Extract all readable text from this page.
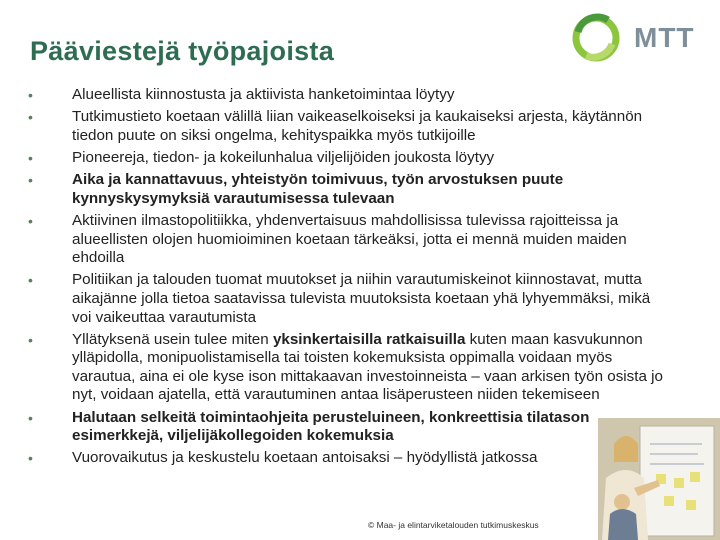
Pääviestejä työpajoista	MTT
•	Alueellista kiinnostusta ja aktiivista hanketoimintaa löytyy
•	Tutkimustieto koetaan välillä liian vaikeaselkoiseksi ja kaukaiseksi arjesta, käytännön tiedon puute on siksi ongelma, kehityspaikka myös tutkijoille
•	Pioneereja, tiedon- ja kokeilunhalua viljelijöiden joukosta löytyy
•	Aika ja kannattavuus, yhteistyön toimivuus, työn arvostuksen puute kynnyskysymyksiä varautumisessa tulevaan
•	Aktiivinen ilmastopolitiikka, yhdenvertaisuus mahdollisissa tulevissa rajoitteissa ja alueellisten olojen huomioiminen koetaan tärkeäksi, jotta ei mennä muiden maiden ehdoilla
•	Politiikan ja talouden tuomat muutokset ja niihin varautumiskeinot kiinnostavat, mutta aikajänne jolla tietoa saatavissa tulevista muutoksista koetaan yhä lyhyemmäksi, mikä voi vaikeuttaa varautumista
•	Yllätyksenä usein tulee miten yksinkertaisilla ratkaisuilla kuten maan kasvukunnon ylläpidolla, monipuolistamisella tai toisten kokemuksista oppimalla voidaan myös varautua, aina ei ole kyse ison mittakaavan investoinneista – vaan arkisen työn osista jo nyt, voidaan ajatella, että varautuminen antaa lisäperusteen niiden tekemiseen
•	Halutaan selkeitä toimintaohjeita perusteluineen, konkreettisia tilatason esimerkkejä, viljelijäkollegoiden kokemuksia
•	Vuorovaikutus ja keskustelu koetaan antoisaksi – hyödyllistä jatkossa
© Maa- ja elintarviketalouden tutkimuskeskus
